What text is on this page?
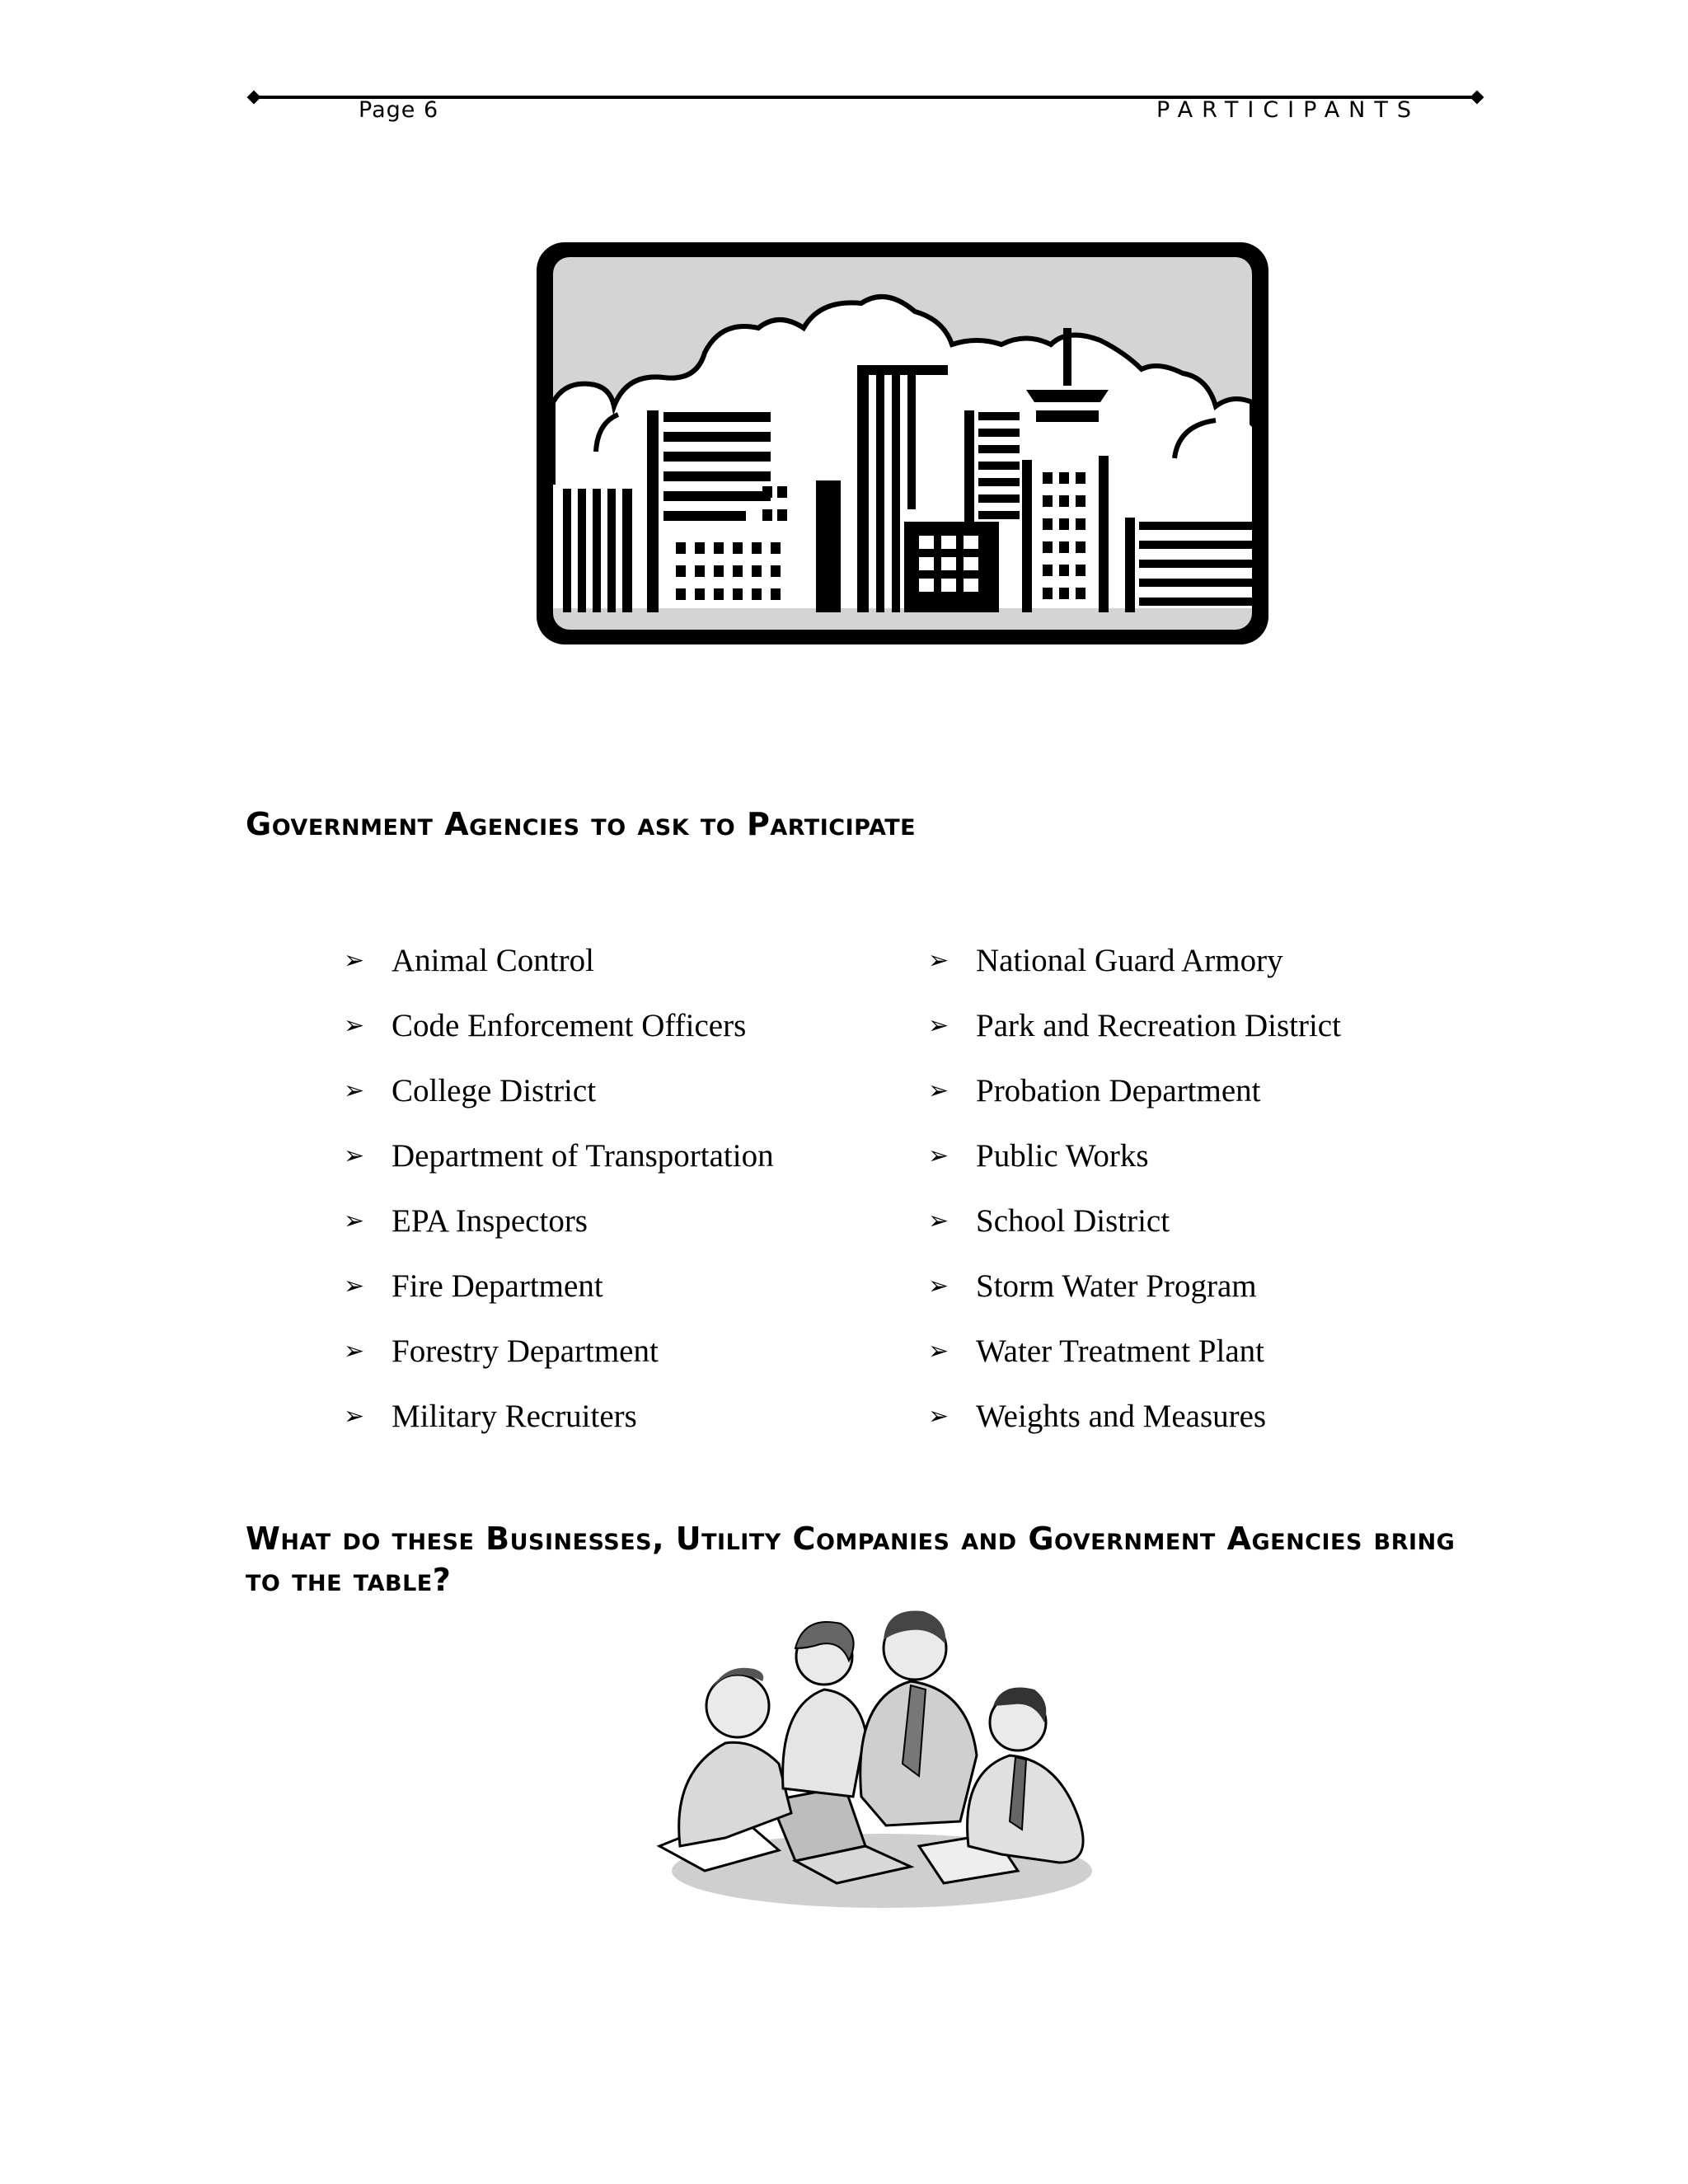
Page 6	PARTICIPANTS
Government Agencies to ask to Participate
➢ Animal Control
➢ Code Enforcement Officers
➢ College District
➢ Department of Transportation
➢ EPA Inspectors
➢ Fire Department
➢ Forestry Department
➢ Military Recruiters
➢ National Guard Armory
➢ Park and Recreation District
➢ Probation Department
➢ Public Works
➢ School District
➢ Storm Water Program
➢ Water Treatment Plant
➢ Weights and Measures
What do these Businesses, Utility Companies and Government Agencies bring to the table?
